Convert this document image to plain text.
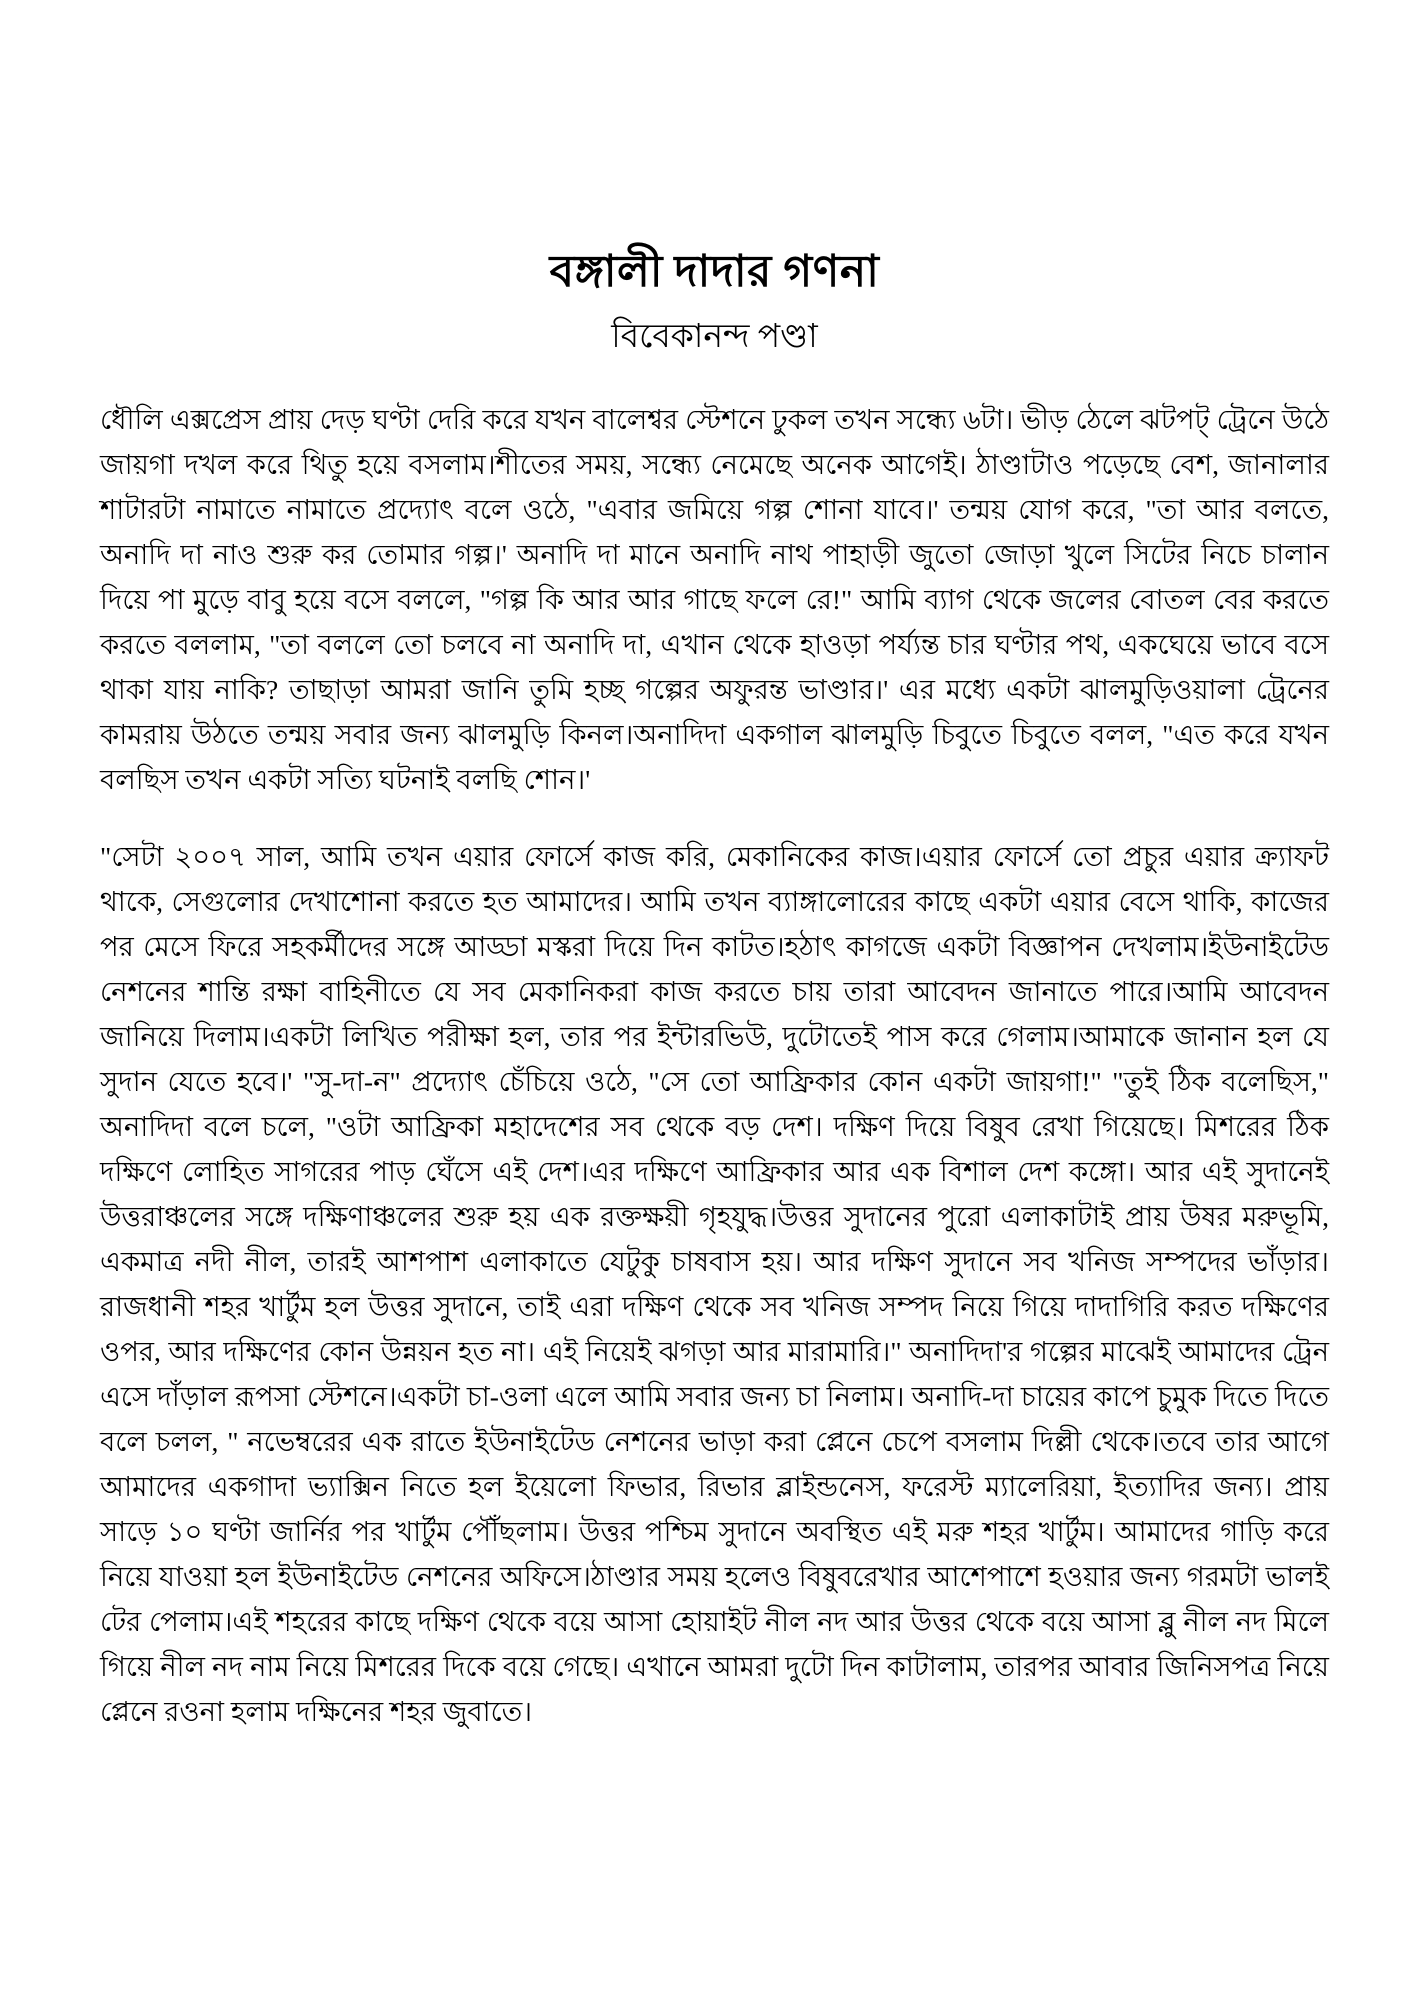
বঙ্গালী দাদার গণনা
বিবেকানন্দ পণ্ডা

ধৌলি এক্সপ্রেস প্রায় দেড় ঘণ্টা দেরি করে যখন বালেশ্বর স্টেশনে ঢুকল তখন সন্ধ্যে ৬টা। ভীড় ঠেলে ঝটপট্ ট্রেনে উঠে জায়গা দখল করে থিতু হয়ে বসলাম।শীতের সময়, সন্ধ্যে নেমেছে অনেক আগেই। ঠাণ্ডাটাও পড়েছে বেশ, জানালার শাটারটা নামাতে নামাতে প্রদ্যোৎ বলে ওঠে, "এবার জমিয়ে গল্প শোনা যাবে।' তন্ময় যোগ করে, "তা আর বলতে, অনাদি দা নাও শুরু কর তোমার গল্প।' অনাদি দা মানে অনাদি নাথ পাহাড়ী জুতো জোড়া খুলে সিটের নিচে চালান দিয়ে পা মুড়ে বাবু হয়ে বসে বললে, "গল্প কি আর আর গাছে ফলে রে!" আমি ব্যাগ থেকে জলের বোতল বের করতে করতে বললাম, "তা বললে তো চলবে না অনাদি দা, এখান থেকে হাওড়া পর্য্যন্ত চার ঘণ্টার পথ, একঘেয়ে ভাবে বসে থাকা যায় নাকি? তাছাড়া আমরা জানি তুমি হচ্ছ গল্পের অফুরন্ত ভাণ্ডার।' এর মধ্যে একটা ঝালমুড়িওয়ালা ট্রেনের কামরায় উঠতে তন্ময় সবার জন্য ঝালমুড়ি কিনল।অনাদিদা একগাল ঝালমুড়ি চিবুতে চিবুতে বলল, "এত করে যখন বলছিস তখন একটা সত্যি ঘটনাই বলছি শোন।'

"সেটা ২০০৭ সাল, আমি তখন এয়ার ফোর্সে কাজ করি, মেকানিকের কাজ।এয়ার ফোর্সে তো প্রচুর এয়ার ক্র্যাফট থাকে, সেগুলোর দেখাশোনা করতে হত আমাদের। আমি তখন ব্যাঙ্গালোরের কাছে একটা এয়ার বেসে থাকি, কাজের পর মেসে ফিরে সহকর্মীদের সঙ্গে আড্ডা মস্করা দিয়ে দিন কাটত।হঠাৎ কাগজে একটা বিজ্ঞাপন দেখলাম।ইউনাইটেড নেশনের শান্তি রক্ষা বাহিনীতে যে সব মেকানিকরা কাজ করতে চায় তারা আবেদন জানাতে পারে।আমি আবেদন জানিয়ে দিলাম।একটা লিখিত পরীক্ষা হল, তার পর ইন্টারভিউ, দুটোতেই পাস করে গেলাম।আমাকে জানান হল যে সুদান যেতে হবে।' "সু-দা-ন" প্রদ্যোৎ চেঁচিয়ে ওঠে, "সে তো আফ্রিকার কোন একটা জায়গা!" "তুই ঠিক বলেছিস," অনাদিদা বলে চলে, "ওটা আফ্রিকা মহাদেশের সব থেকে বড় দেশ। দক্ষিণ দিয়ে বিষুব রেখা গিয়েছে। মিশরের ঠিক দক্ষিণে লোহিত সাগরের পাড় ঘেঁসে এই দেশ।এর দক্ষিণে আফ্রিকার আর এক বিশাল দেশ কঙ্গো। আর এই সুদানেই উত্তরাঞ্চলের সঙ্গে দক্ষিণাঞ্চলের শুরু হয় এক রক্তক্ষয়ী গৃহযুদ্ধ।উত্তর সুদানের পুরো এলাকাটাই প্রায় উষর মরুভূমি, একমাত্র নদী নীল, তারই আশপাশ এলাকাতে যেটুকু চাষবাস হয়। আর দক্ষিণ সুদানে সব খনিজ সম্পদের ভাঁড়ার। রাজধানী শহর খার্টুম হল উত্তর সুদানে, তাই এরা দক্ষিণ থেকে সব খনিজ সম্পদ নিয়ে গিয়ে দাদাগিরি করত দক্ষিণের ওপর, আর দক্ষিণের কোন উন্নয়ন হত না। এই নিয়েই ঝগড়া আর মারামারি।" অনাদিদা'র গল্পের মাঝেই আমাদের ট্রেন এসে দাঁড়াল রূপসা স্টেশনে।একটা চা-ওলা এলে আমি সবার জন্য চা নিলাম। অনাদি-দা চায়ের কাপে চুমুক দিতে দিতে বলে চলল, " নভেম্বরের এক রাতে ইউনাইটেড নেশনের ভাড়া করা প্লেনে চেপে বসলাম দিল্লী থেকে।তবে তার আগে আমাদের একগাদা ভ্যাক্সিন নিতে হল ইয়েলো ফিভার, রিভার ব্লাইন্ডনেস, ফরেস্ট ম্যালেরিয়া, ইত্যাদির জন্য। প্রায় সাড়ে ১০ ঘণ্টা জার্নির পর খার্টুম পৌঁছলাম। উত্তর পশ্চিম সুদানে অবস্থিত এই মরু শহর খার্টুম। আমাদের গাড়ি করে নিয়ে যাওয়া হল ইউনাইটেড নেশনের অফিসে।ঠাণ্ডার সময় হলেও বিষুবরেখার আশেপাশে হওয়ার জন্য গরমটা ভালই টের পেলাম।এই শহরের কাছে দক্ষিণ থেকে বয়ে আসা হোয়াইট নীল নদ আর উত্তর থেকে বয়ে আসা ব্লু নীল নদ মিলে গিয়ে নীল নদ নাম নিয়ে মিশরের দিকে বয়ে গেছে। এখানে আমরা দুটো দিন কাটালাম, তারপর আবার জিনিসপত্র নিয়ে প্লেনে রওনা হলাম দক্ষিনের শহর জুবাতে।
